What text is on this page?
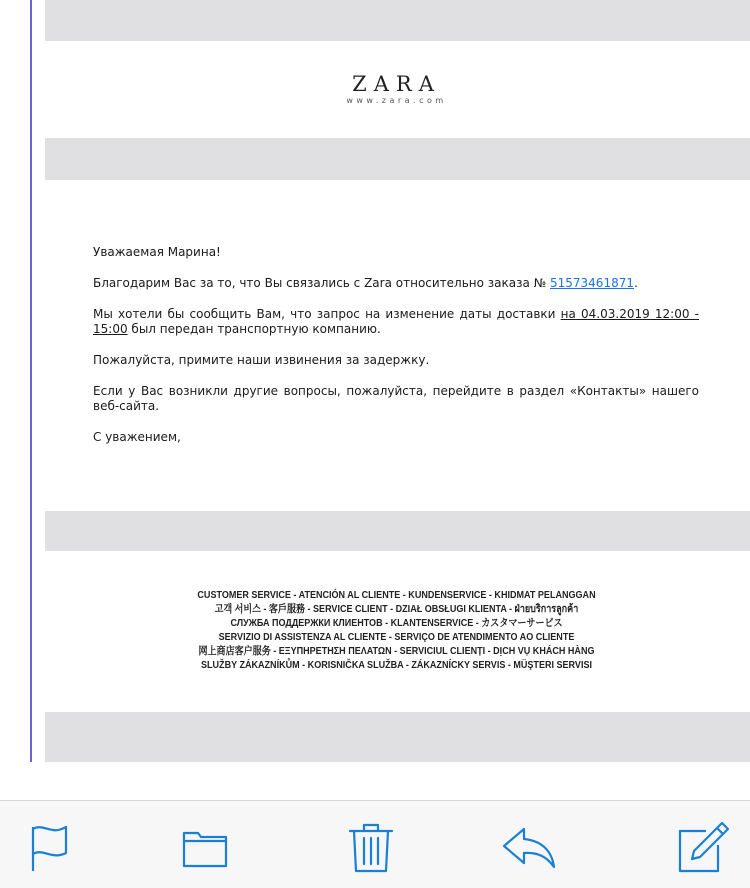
ZARA
www.zara.com

Уважаемая Марина!

Благодарим Вас за то, что Вы связались с Zara относительно заказа № 51573461871.

Мы хотели бы сообщить Вам, что запрос на изменение даты доставки на 04.03.2019 12:00 - 15:00 был передан транспортную компанию.

Пожалуйста, примите наши извинения за задержку.

Если у Вас возникли другие вопросы, пожалуйста, перейдите в раздел «Контакты» нашего веб-сайта.

С уважением,

CUSTOMER SERVICE - ATENCIÓN AL CLIENTE - KUNDENSERVICE - KHIDMAT PELANGGAN
고객 서비스 - 客戶服務 - SERVICE CLIENT - DZIAŁ OBSŁUGI KLIENTA - ฝ่ายบริการลูกค้า
СЛУЖБА ПОДДЕРЖКИ КЛИЕНТОВ - KLANTENSERVICE - カスタマーサービス
SERVIZIO DI ASSISTENZA AL CLIENTE - SERVIÇO DE ATENDIMENTO AO CLIENTE
网上商店客户服务 - ΕΞΥΠΗΡΕΤΗΣΗ ΠΕΛΑΤΩΝ - SERVICIUL CLIENȚI - DỊCH VỤ KHÁCH HÀNG
SLUŽBY ZÁKAZNÍKŮM - KORISNIČKA SLUŽBA - ZÁKAZNÍCKY SERVIS - MÜŞTERI SERVISI
